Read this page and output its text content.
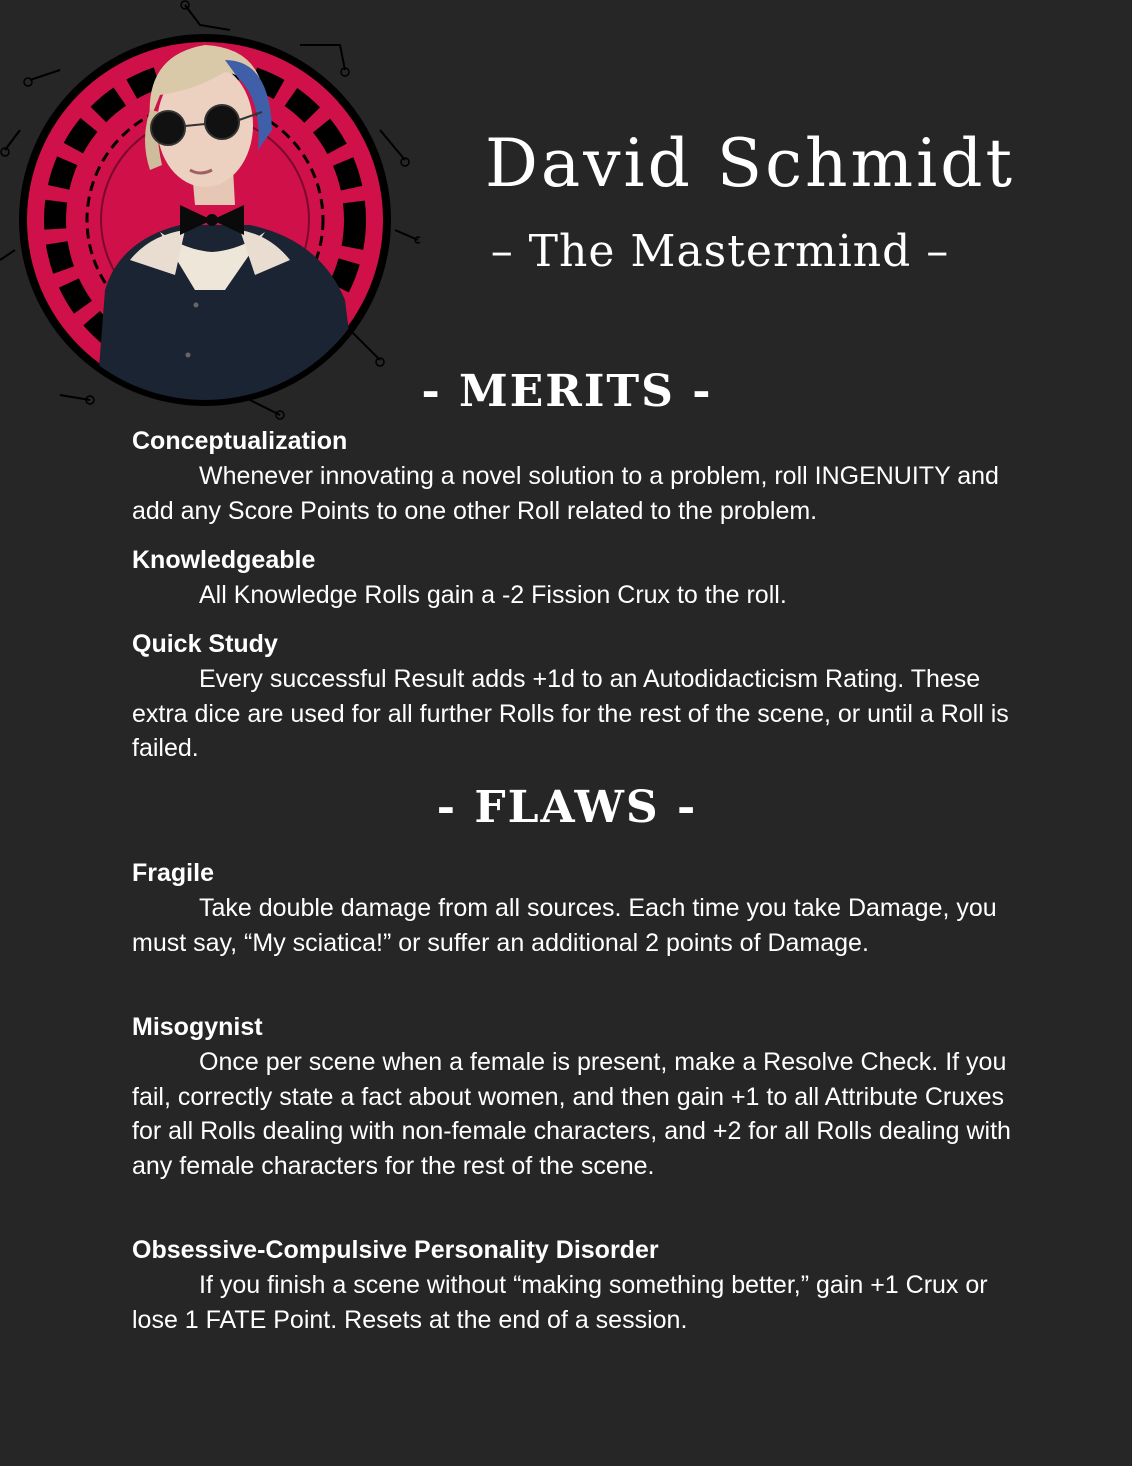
David Schmidt
– The Mastermind –
- MERITS -

Conceptualization

Whenever innovating a novel solution to a problem, roll INGENUITY and add any Score Points to one other Roll related to the problem.

Knowledgeable

All Knowledge Rolls gain a -2 Fission Crux to the roll.

Quick Study

Every successful Result adds +1d to an Autodidacticism Rating. These extra dice are used for all further Rolls for the rest of the scene, or until a Roll is failed.

- FLAWS -

Fragile

Take double damage from all sources. Each time you take Damage, you must say, “My sciatica!” or suffer an additional 2 points of Damage.

Misogynist

Once per scene when a female is present, make a Resolve Check. If you fail, correctly state a fact about women, and then gain +1 to all Attribute Cruxes for all Rolls dealing with non-female characters, and +2 for all Rolls dealing with any female characters for the rest of the scene.

Obsessive-Compulsive Personality Disorder

If you finish a scene without “making something better,” gain +1 Crux or lose 1 FATE Point. Resets at the end of a session.
